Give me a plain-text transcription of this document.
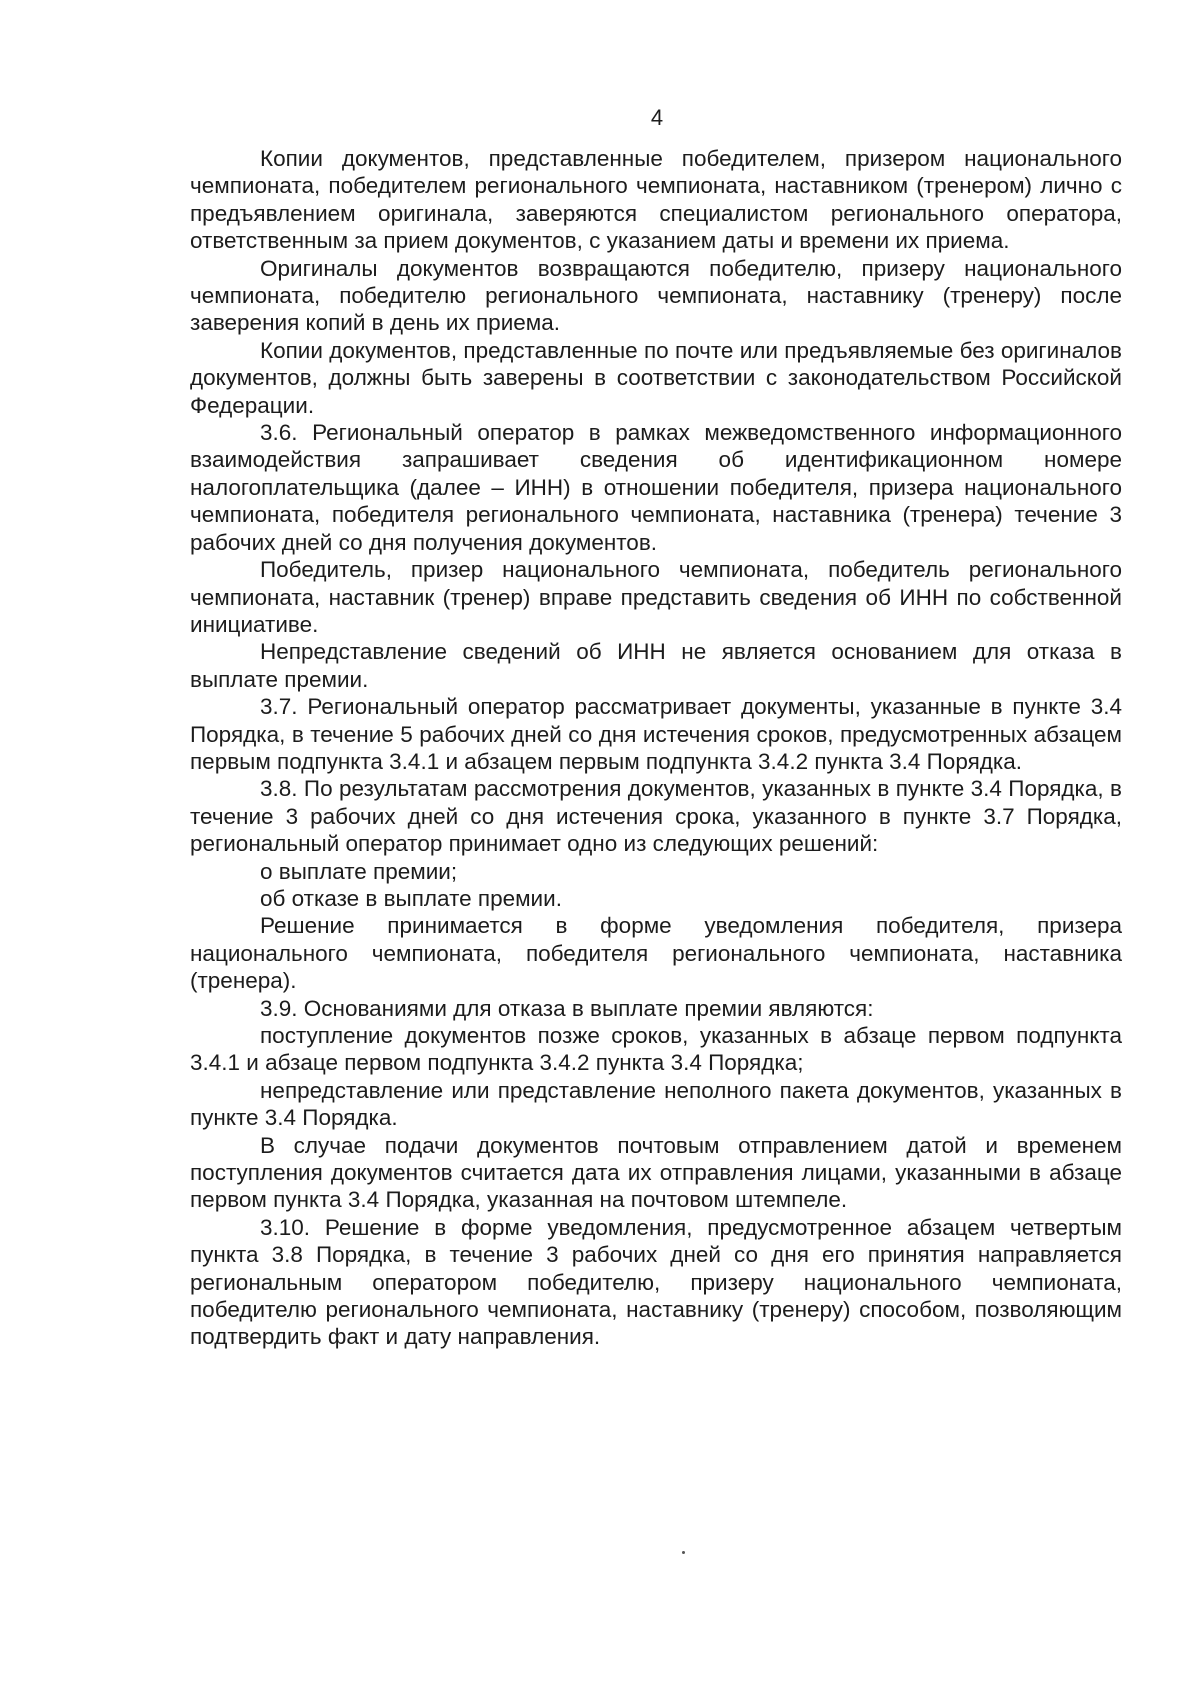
4

Копии документов, представленные победителем, призером национального чемпионата, победителем регионального чемпионата, наставником (тренером) лично с предъявлением оригинала, заверяются специалистом регионального оператора, ответственным за прием документов, с указанием даты и времени их приема.

Оригиналы документов возвращаются победителю, призеру национального чемпионата, победителю регионального чемпионата, наставнику (тренеру) после заверения копий в день их приема.

Копии документов, представленные по почте или предъявляемые без оригиналов документов, должны быть заверены в соответствии с законодательством Российской Федерации.

3.6. Региональный оператор в рамках межведомственного информационного взаимодействия запрашивает сведения об идентификационном номере налогоплательщика (далее – ИНН) в отношении победителя, призера национального чемпионата, победителя регионального чемпионата, наставника (тренера) течение 3 рабочих дней со дня получения документов.

Победитель, призер национального чемпионата, победитель регионального чемпионата, наставник (тренер) вправе представить сведения об ИНН по собственной инициативе.

Непредставление сведений об ИНН не является основанием для отказа в выплате премии.

3.7. Региональный оператор рассматривает документы, указанные в пункте 3.4 Порядка, в течение 5 рабочих дней со дня истечения сроков, предусмотренных абзацем первым подпункта 3.4.1 и абзацем первым подпункта 3.4.2 пункта 3.4 Порядка.

3.8. По результатам рассмотрения документов, указанных в пункте 3.4 Порядка, в течение 3 рабочих дней со дня истечения срока, указанного в пункте 3.7 Порядка, региональный оператор принимает одно из следующих решений:

о выплате премии;

об отказе в выплате премии.

Решение принимается в форме уведомления победителя, призера национального чемпионата, победителя регионального чемпионата, наставника (тренера).

3.9. Основаниями для отказа в выплате премии являются:

поступление документов позже сроков, указанных в абзаце первом подпункта 3.4.1 и абзаце первом подпункта 3.4.2 пункта 3.4 Порядка;

непредставление или представление неполного пакета документов, указанных в пункте 3.4 Порядка.

В случае подачи документов почтовым отправлением датой и временем поступления документов считается дата их отправления лицами, указанными в абзаце первом пункта 3.4 Порядка, указанная на почтовом штемпеле.

3.10. Решение в форме уведомления, предусмотренное абзацем четвертым пункта 3.8 Порядка, в течение 3 рабочих дней со дня его принятия направляется региональным оператором победителю, призеру национального чемпионата, победителю регионального чемпионата, наставнику (тренеру) способом, позволяющим подтвердить факт и дату направления.
